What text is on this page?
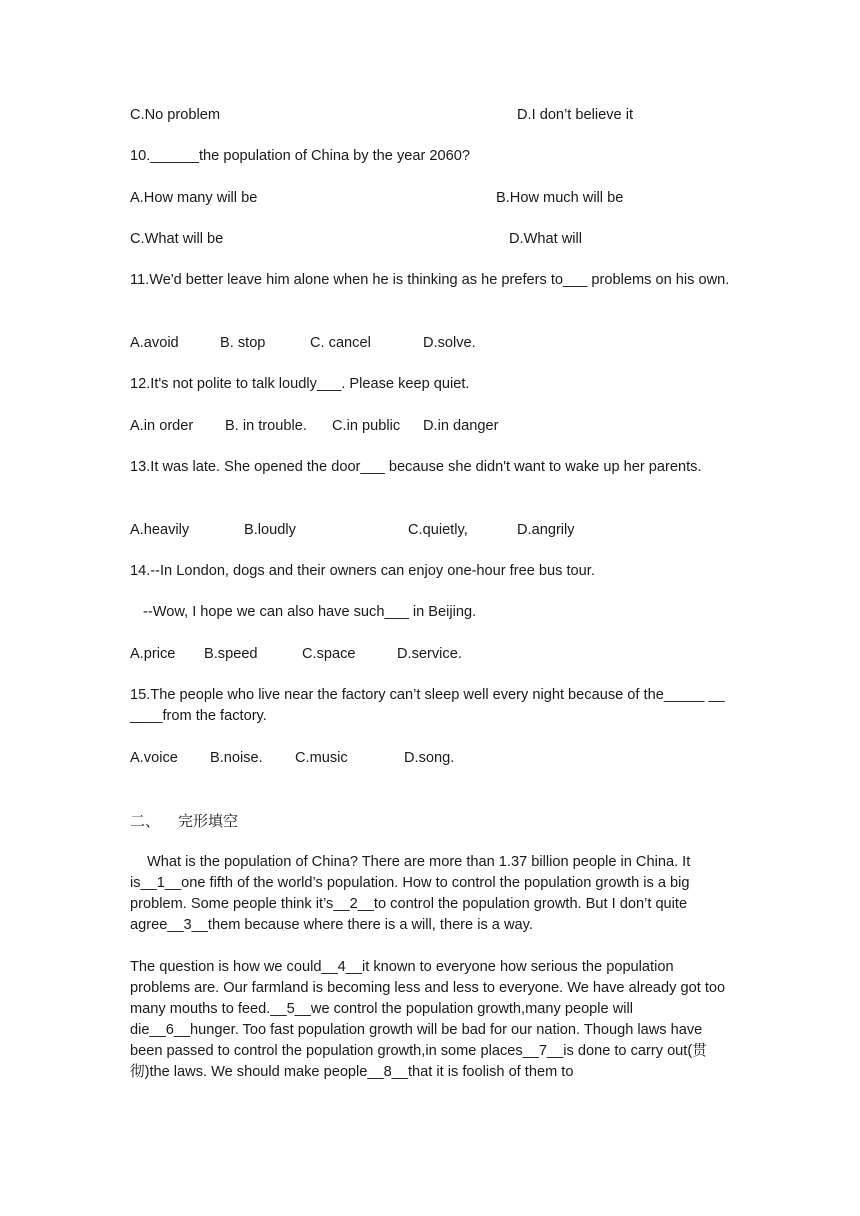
C.No problem	D.I don’t believe it
10.______the population of China by the year 2060?
A.How many will be	B.How much will be
C.What will be	D.What will
11.We'd better leave him alone when he is thinking as he prefers to___ problems on his own.
A.avoid	B. stop	C. cancel	D.solve.
12.It's not polite to talk loudly___. Please keep quiet.
A.in order B. in trouble. C.in public D.in danger
13.It was late. She opened the door___ because she didn't want to wake up her parents.
A.heavily	B.loudly	C.quietly,	D.angrily
14.--In London, dogs and their owners can enjoy one-hour free bus tour.
--Wow, I hope we can also have such___ in Beijing.
A.price B.speed	C.space	D.service.
15.The people who live near the factory can’t sleep well every night because of the_____ __ ____from the factory.
A.voice B.noise. C.music	D.song.
二、 完形填空

What is the population of China? There are more than 1.37 billion people in China. It is__1__one fifth of the world’s population. How to control the population growth is a big problem. Some people think it’s__2__to control the population growth. But I don’t quite agree__3__them because where there is a will, there is a way.

The question is how we could__4__it known to everyone how serious the population problems are. Our farmland is becoming less and less to everyone. We have already got too many mouths to feed.__5__we control the population growth,many people will die__6__hunger. Too fast population growth will be bad for our nation. Though laws have been passed to control the population growth,in some places__7__is done to carry out(贯彻)the laws. We should make people__8__that it is foolish of them to
